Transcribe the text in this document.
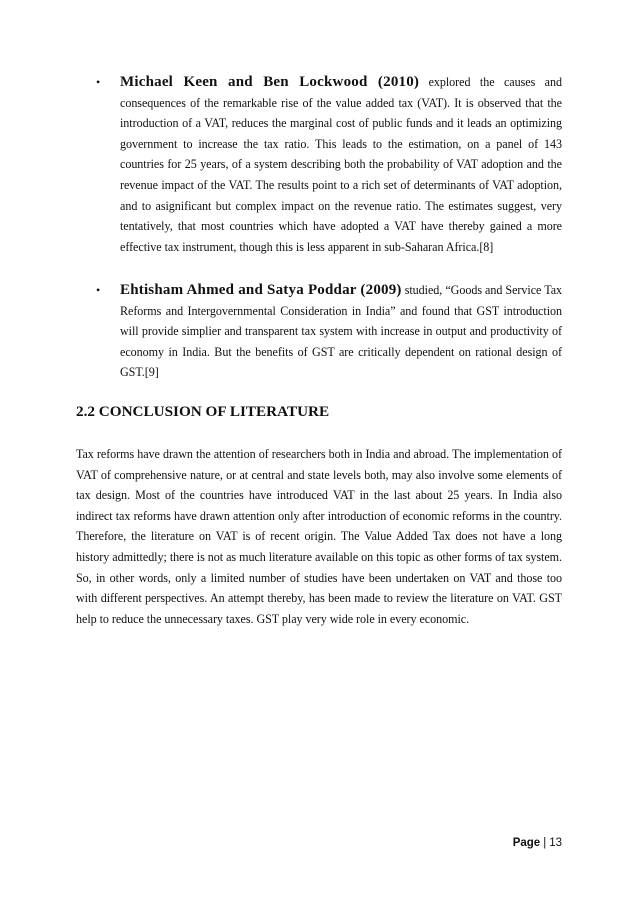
• Michael Keen and Ben Lockwood (2010) explored the causes and consequences of the remarkable rise of the value added tax (VAT). It is observed that the introduction of a VAT, reduces the marginal cost of public funds and it leads an optimizing government to increase the tax ratio. This leads to the estimation, on a panel of 143 countries for 25 years, of a system describing both the probability of VAT adoption and the revenue impact of the VAT. The results point to a rich set of determinants of VAT adoption, and to asignificant but complex impact on the revenue ratio. The estimates suggest, very tentatively, that most countries which have adopted a VAT have thereby gained a more effective tax instrument, though this is less apparent in sub-Saharan Africa.[8]
• Ehtisham Ahmed and Satya Poddar (2009) studied, “Goods and Service Tax Reforms and Intergovernmental Consideration in India” and found that GST introduction will provide simplier and transparent tax system with increase in output and productivity of economy in India. But the benefits of GST are critically dependent on rational design of GST.[9]
2.2 CONCLUSION OF LITERATURE
Tax reforms have drawn the attention of researchers both in India and abroad. The implementation of VAT of comprehensive nature, or at central and state levels both, may also involve some elements of tax design. Most of the countries have introduced VAT in the last about 25 years. In India also indirect tax reforms have drawn attention only after introduction of economic reforms in the country. Therefore, the literature on VAT is of recent origin. The Value Added Tax does not have a long history admittedly; there is not as much literature available on this topic as other forms of tax system. So, in other words, only a limited number of studies have been undertaken on VAT and those too with different perspectives. An attempt thereby, has been made to review the literature on VAT. GST help to reduce the unnecessary taxes. GST play very wide role in every economic.
Page | 13
